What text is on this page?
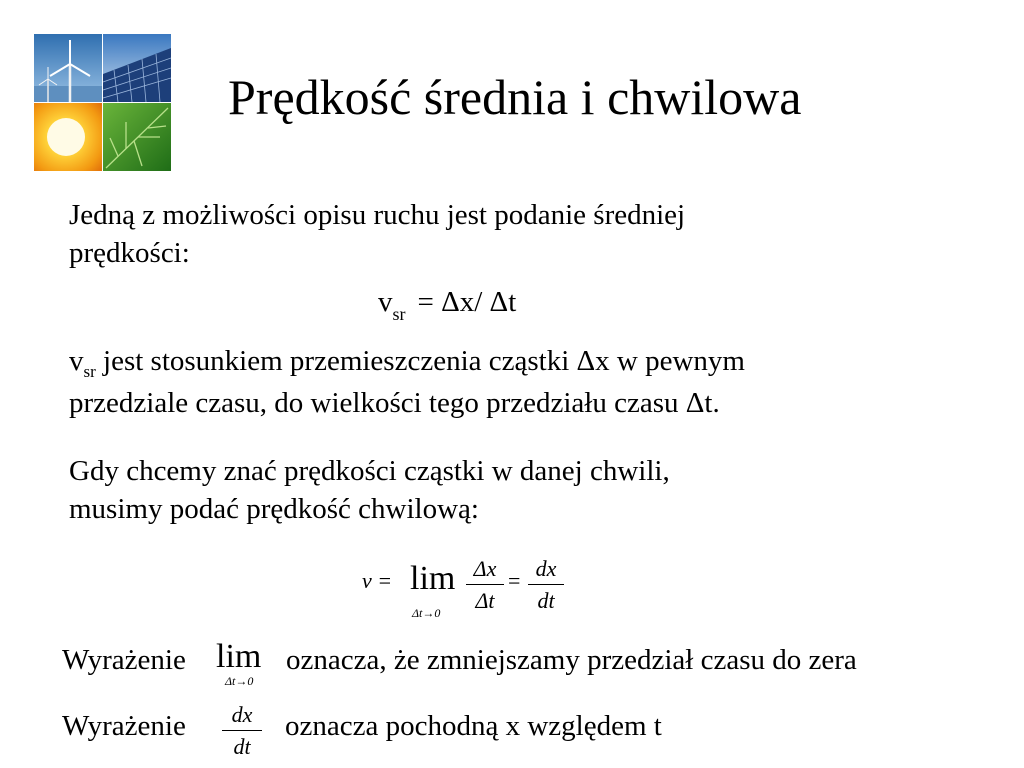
Prędkość średnia i chwilowa
Jedną z możliwości opisu ruchu jest podanie średniej
prędkości:
$v_{sr} = \Delta x/$ Δt
$v_{sr}$ jest stosunkiem przemieszczenia cząstki Δx w pewnym
przedziale czasu, do wielkości tego przedziału czasu Δt.
Gdy chcemy znać prędkości cząstki w danej chwili,
musimy podać prędkość chwilową:
v = lim
$\Delta t\to 0 \frac{\Delta x}{\Delta t} = \frac{dx}{dt}$
Wyrażenie lim
Δt→0
oznacza, że zmniejszamy przedział czasu do zera
Wyrażenie $\frac{dx}{dt}$ oznacza pochodną x względem t
